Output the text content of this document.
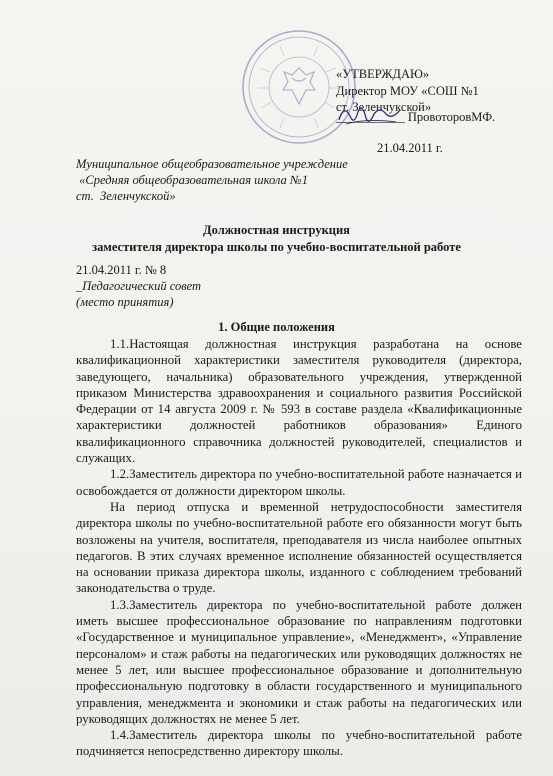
«УТВЕРЖДАЮ»
Директор МОУ «СОШ №1
ст. Зеленчукской»
___________ ПровоторовМФ.
21.04.2011 г.
Муниципальное общеобразовательное учреждение
«Средняя общеобразовательная школа №1
ст.  Зеленчукской»
Должностная инструкция
заместителя директора школы по учебно-воспитательной работе
21.04.2011 г. № 8
_Педагогический совет
(место принятия)
1. Общие положения

1.1.Настоящая должностная инструкция разработана на основе квалификационной характеристики заместителя руководителя (директора, заведующего, начальника) образовательного учреждения, утвержденной приказом Министерства здравоохранения и социального развития Российской Федерации от 14 августа 2009 г. № 593 в составе раздела «Квалификационные характеристики должностей работников образования» Единого квалификационного справочника должностей руководителей, специалистов и служащих.

1.2.Заместитель директора по учебно-воспитательной работе назначается и освобождается от должности директором школы.

На период отпуска и временной нетрудоспособности заместителя директора школы по учебно-воспитательной работе его обязанности могут быть возложены на учителя, воспитателя, преподавателя из числа наиболее опытных педагогов. В этих случаях временное исполнение обязанностей осуществляется на основании приказа директора школы, изданного с соблюдением требований законодательства о труде.

1.3.Заместитель директора по учебно-воспитательной работе должен иметь высшее профессиональное образование по направлениям подготовки «Государственное и муниципальное управление», «Менеджмент», «Управление персоналом» и стаж работы на педагогических или руководящих должностях не менее 5 лет, или высшее профессиональное образование и дополнительную профессиональную подготовку в области государственного и муниципального управления, менеджмента и экономики и стаж работы на педагогических или руководящих должностях не менее 5 лет.

1.4.Заместитель директора школы по учебно-воспитательной работе подчиняется непосредственно директору школы.
